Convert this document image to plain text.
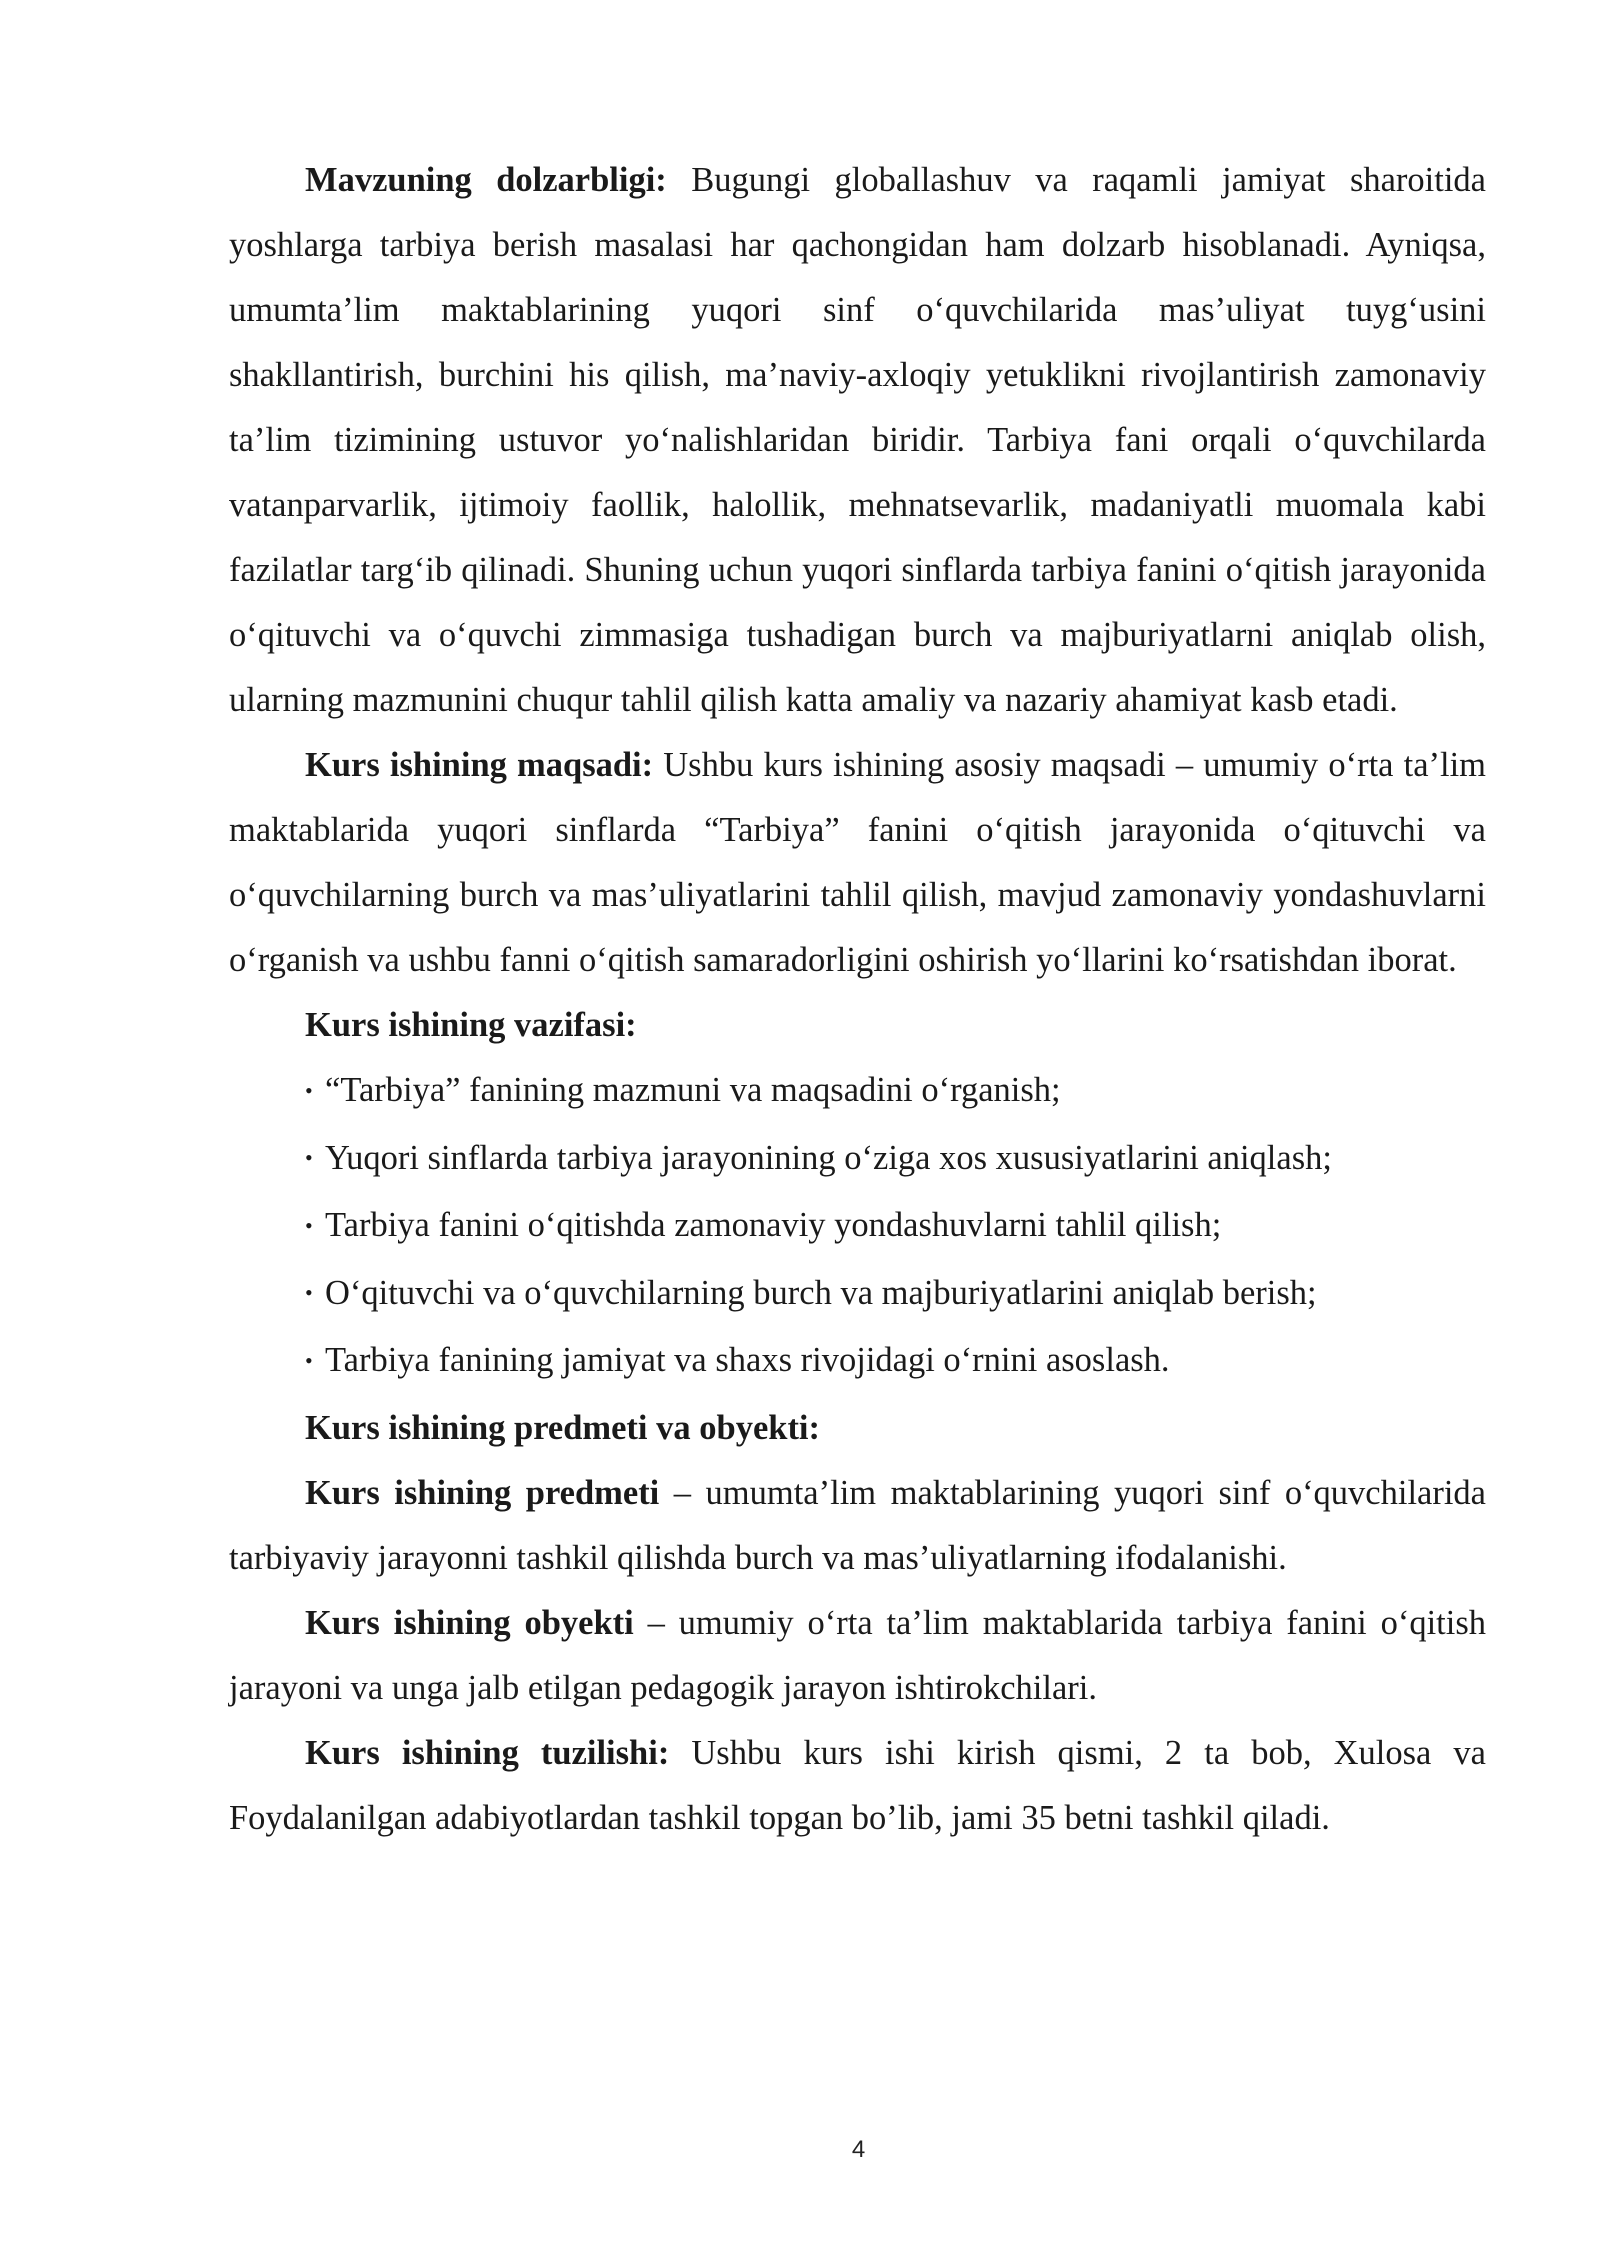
Mavzuning dolzarbligi: Bugungi globallashuv va raqamli jamiyat sharoitida yoshlarga tarbiya berish masalasi har qachongidan ham dolzarb hisoblanadi. Ayniqsa, umumta’lim maktablarining yuqori sinf o‘quvchilarida mas’uliyat tuyg‘usini shakllantirish, burchini his qilish, ma’naviy-axloqiy yetuklikni rivojlantirish zamonaviy ta’lim tizimining ustuvor yo‘nalishlaridan biridir. Tarbiya fani orqali o‘quvchilarda vatanparvarlik, ijtimoiy faollik, halollik, mehnatsevarlik, madaniyatli muomala kabi fazilatlar targ‘ib qilinadi. Shuning uchun yuqori sinflarda tarbiya fanini o‘qitish jarayonida o‘qituvchi va o‘quvchi zimmasiga tushadigan burch va majburiyatlarni aniqlab olish, ularning mazmunini chuqur tahlil qilish katta amaliy va nazariy ahamiyat kasb etadi.

Kurs ishining maqsadi: Ushbu kurs ishining asosiy maqsadi – umumiy o‘rta ta’lim maktablarida yuqori sinflarda “Tarbiya” fanini o‘qitish jarayonida o‘qituvchi va o‘quvchilarning burch va mas’uliyatlarini tahlil qilish, mavjud zamonaviy yondashuvlarni o‘rganish va ushbu fanni o‘qitish samaradorligini oshirish yo‘llarini ko‘rsatishdan iborat.

Kurs ishining vazifasi:
• “Tarbiya” fanining mazmuni va maqsadini o‘rganish;
• Yuqori sinflarda tarbiya jarayonining o‘ziga xos xususiyatlarini aniqlash;
• Tarbiya fanini o‘qitishda zamonaviy yondashuvlarni tahlil qilish;
• O‘qituvchi va o‘quvchilarning burch va majburiyatlarini aniqlab berish;
• Tarbiya fanining jamiyat va shaxs rivojidagi o‘rnini asoslash.
Kurs ishining predmeti va obyekti:

Kurs ishining predmeti – umumta’lim maktablarining yuqori sinf o‘quvchilarida tarbiyaviy jarayonni tashkil qilishda burch va mas’uliyatlarning ifodalanishi.

Kurs ishining obyekti – umumiy o‘rta ta’lim maktablarida tarbiya fanini o‘qitish jarayoni va unga jalb etilgan pedagogik jarayon ishtirokchilari.

Kurs ishining tuzilishi: Ushbu kurs ishi kirish qismi, 2 ta bob, Xulosa va Foydalanilgan adabiyotlardan tashkil topgan bo’lib, jami 35 betni tashkil qiladi.

4
